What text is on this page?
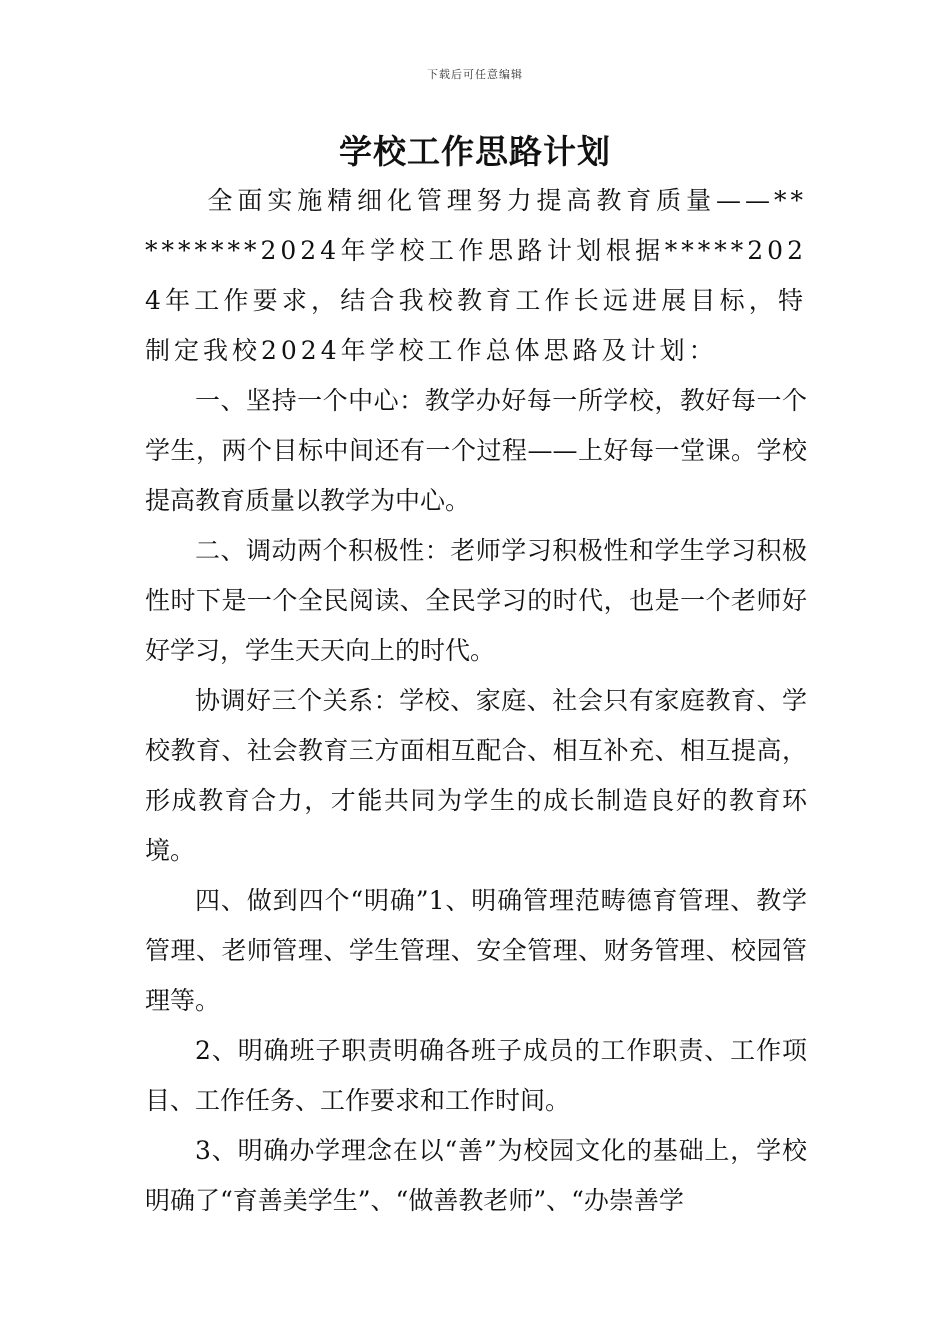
下载后可任意编辑
学校工作思路计划

全面实施精细化管理努力提高教育质量——*********2024年学校工作思路计划根据*****2024年工作要求，结合我校教育工作长远进展目标，特制定我校2024年学校工作总体思路及计划：

一、坚持一个中心：教学办好每一所学校，教好每一个学生，两个目标中间还有一个过程——上好每一堂课。学校提高教育质量以教学为中心。

二、调动两个积极性：老师学习积极性和学生学习积极性时下是一个全民阅读、全民学习的时代，也是一个老师好好学习，学生天天向上的时代。

协调好三个关系：学校、家庭、社会只有家庭教育、学校教育、社会教育三方面相互配合、相互补充、相互提高，形成教育合力，才能共同为学生的成长制造良好的教育环境。

四、做到四个“明确”1、明确管理范畴德育管理、教学管理、老师管理、学生管理、安全管理、财务管理、校园管理等。

2、明确班子职责明确各班子成员的工作职责、工作项目、工作任务、工作要求和工作时间。

3、明确办学理念在以“善”为校园文化的基础上，学校明确了“育善美学生”、“做善教老师”、“办崇善学
